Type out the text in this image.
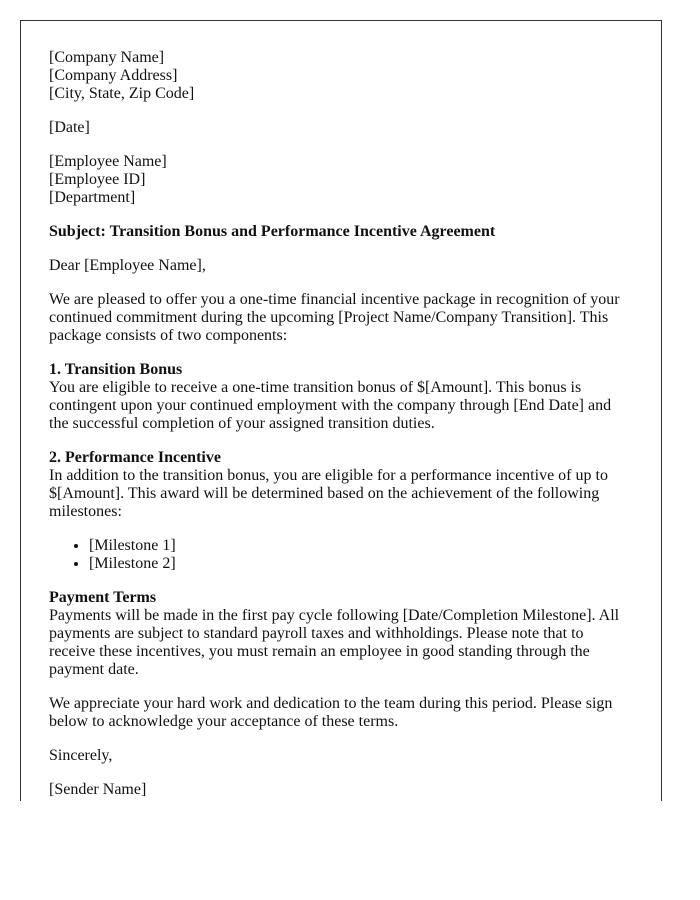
[Company Name]
[Company Address]
[City, State, Zip Code]

[Date]

[Employee Name]
[Employee ID]
[Department]

Subject: Transition Bonus and Performance Incentive Agreement

Dear [Employee Name],

We are pleased to offer you a one-time financial incentive package in recognition of your continued commitment during the upcoming [Project Name/Company Transition]. This package consists of two components:

1. Transition Bonus
You are eligible to receive a one-time transition bonus of $[Amount]. This bonus is contingent upon your continued employment with the company through [End Date] and the successful completion of your assigned transition duties.

2. Performance Incentive
In addition to the transition bonus, you are eligible for a performance incentive of up to $[Amount]. This award will be determined based on the achievement of the following milestones:

• [Milestone 1]
• [Milestone 2]

Payment Terms
Payments will be made in the first pay cycle following [Date/Completion Milestone]. All payments are subject to standard payroll taxes and withholdings. Please note that to receive these incentives, you must remain an employee in good standing through the payment date.

We appreciate your hard work and dedication to the team during this period. Please sign below to acknowledge your acceptance of these terms.

Sincerely,

[Sender Name]
